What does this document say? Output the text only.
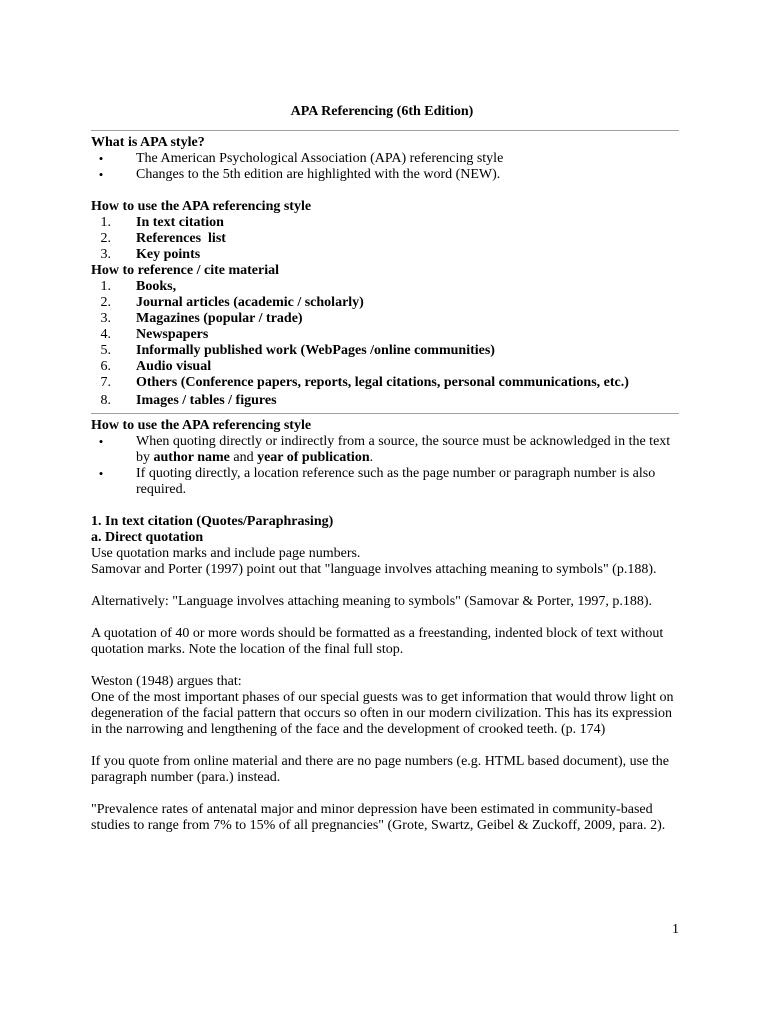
APA Referencing (6th Edition)
What is APA style?
•	The American Psychological Association (APA) referencing style
•	Changes to the 5th edition are highlighted with the word (NEW).
How to use the APA referencing style
1. In text citation
2. References  list
3. Key points
How to reference / cite material
1. Books,
2. Journal articles (academic / scholarly)
3. Magazines (popular / trade)
4. Newspapers
5. Informally published work (WebPages /online communities)
6. Audio visual
7. Others (Conference papers, reports, legal citations, personal communications, etc.)
8. Images / tables / figures
How to use the APA referencing style
•	When quoting directly or indirectly from a source, the source must be acknowledged in the text by author name and year of publication.
•	If quoting directly, a location reference such as the page number or paragraph number is also required.
1. In text citation (Quotes/Paraphrasing)
a. Direct quotation

Use quotation marks and include page numbers.

Samovar and Porter (1997) point out that "language involves attaching meaning to symbols" (p.188).

Alternatively: "Language involves attaching meaning to symbols" (Samovar & Porter, 1997, p.188).

A quotation of 40 or more words should be formatted as a freestanding, indented block of text without quotation marks. Note the location of the final full stop.

Weston (1948) argues that:

One of the most important phases of our special guests was to get information that would throw light on degeneration of the facial pattern that occurs so often in our modern civilization. This has its expression in the narrowing and lengthening of the face and the development of crooked teeth. (p. 174)

If you quote from online material and there are no page numbers (e.g. HTML based document), use the paragraph number (para.) instead.

"Prevalence rates of antenatal major and minor depression have been estimated in community-based studies to range from 7% to 15% of all pregnancies" (Grote, Swartz, Geibel & Zuckoff, 2009, para. 2).

1
